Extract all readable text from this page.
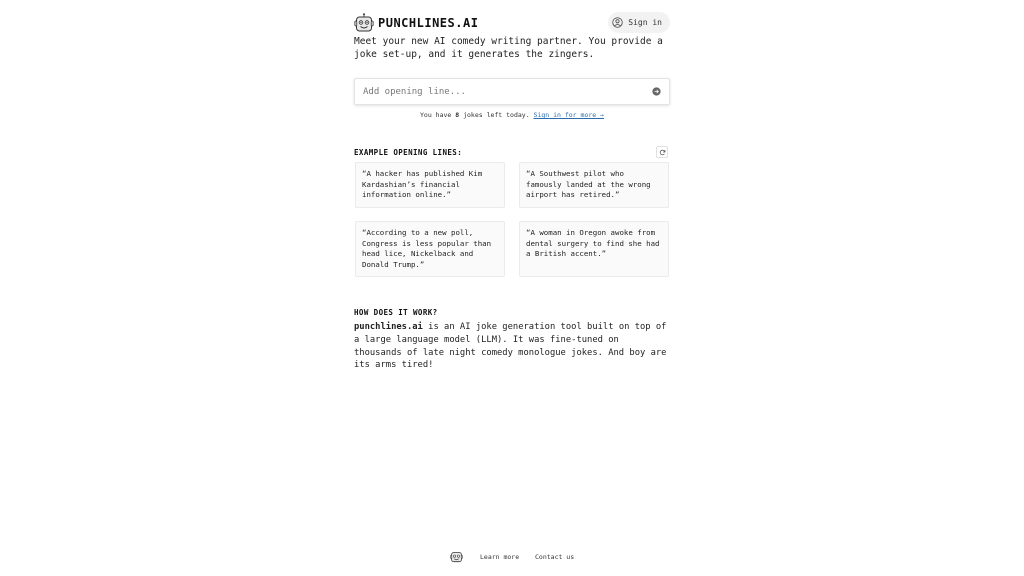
PUNCHLINES.AI	Sign in
Meet your new AI comedy writing partner. You provide a joke set-up, and it generates the zingers.
Add opening line...
You have 8 jokes left today. Sign in for more →
EXAMPLE OPENING LINES:
“A hacker has published Kim Kardashian’s financial information online.”
“A Southwest pilot who famously landed at the wrong airport has retired.”
“According to a new poll, Congress is less popular than head lice, Nickelback and Donald Trump.”
“A woman in Oregon awoke from dental surgery to find she had a British accent.”
HOW DOES IT WORK?
punchlines.ai is an AI joke generation tool built on top of a large language model (LLM). It was fine-tuned on thousands of late night comedy monologue jokes. And boy are its arms tired!
Learn more Contact us
